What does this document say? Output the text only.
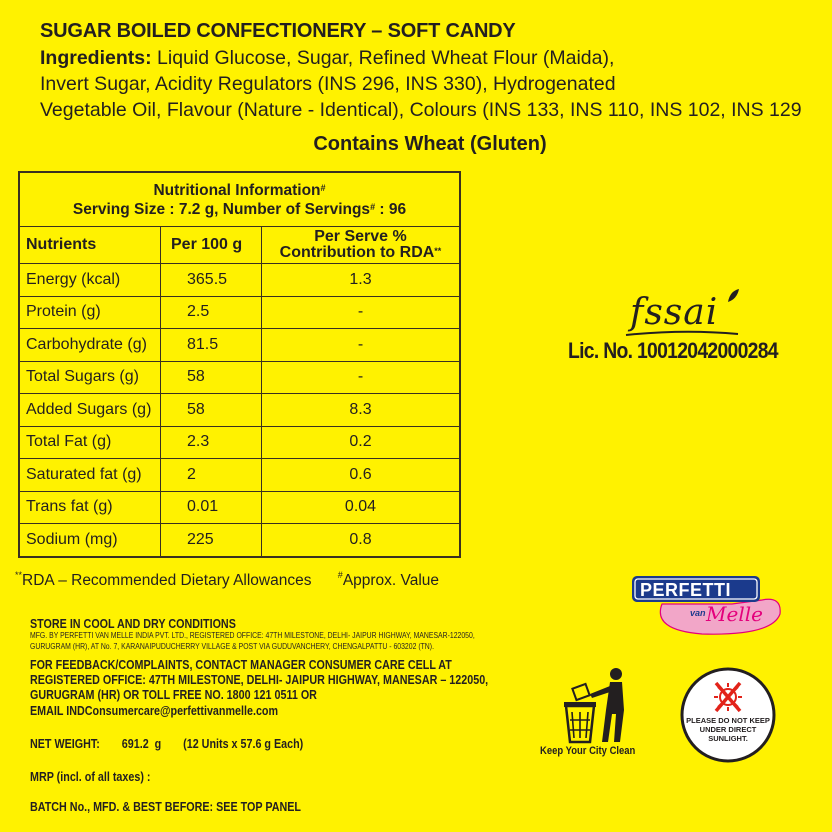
SUGAR BOILED CONFECTIONERY – SOFT CANDY
Ingredients: Liquid Glucose, Sugar, Refined Wheat Flour (Maida),
Invert Sugar, Acidity Regulators (INS 296, INS 330), Hydrogenated
Vegetable Oil, Flavour (Nature - Identical), Colours (INS 133, INS 110, INS 102, INS 129
Contains Wheat (Gluten)
Nutritional Information#
Serving Size : 7.2 g, Number of Servings# : 96		

Nutrients	Per 100 g	Per Serve %
Contribution to RDA**

Energy (kcal)	365.5	1.3
Protein (g)	2.5	-
Carbohydrate (g)	81.5	-
Total Sugars (g)	58	-
Added Sugars (g)	58	8.3
Total Fat (g)	2.3	0.2
Saturated fat (g)	2	0.6
Trans fat (g)	0.01	0.04
Sodium (mg)	225	0.8
**RDA – Recommended Dietary Allowances	#Approx. Value
fssai
Lic. No. 10012042000284
PERFETTI
van Melle
STORE IN COOL AND DRY CONDITIONS
MFG. BY PERFETTI VAN MELLE INDIA PVT. LTD., REGISTERED OFFICE: 47TH MILESTONE, DELHI- JAIPUR HIGHWAY, MANESAR-122050,
GURUGRAM (HR), AT No. 7, KARANAIPUDUCHERRY VILLAGE & POST VIA GUDUVANCHERY, CHENGALPATTU - 603202 (TN).
FOR FEEDBACK/COMPLAINTS, CONTACT MANAGER CONSUMER CARE CELL AT
REGISTERED OFFICE: 47TH MILESTONE, DELHI- JAIPUR HIGHWAY, MANESAR – 122050,
GURUGRAM (HR) OR TOLL FREE NO. 1800 121 0511 OR
EMAIL INDConsumercare@perfettivanmelle.com
NET WEIGHT: 691.2  g (12 Units x 57.6 g Each)
MRP (incl. of all taxes) :
BATCH No., MFD. & BEST BEFORE: SEE TOP PANEL
Keep Your City Clean
PLEASE DO NOT KEEP UNDER DIRECT SUNLIGHT.
